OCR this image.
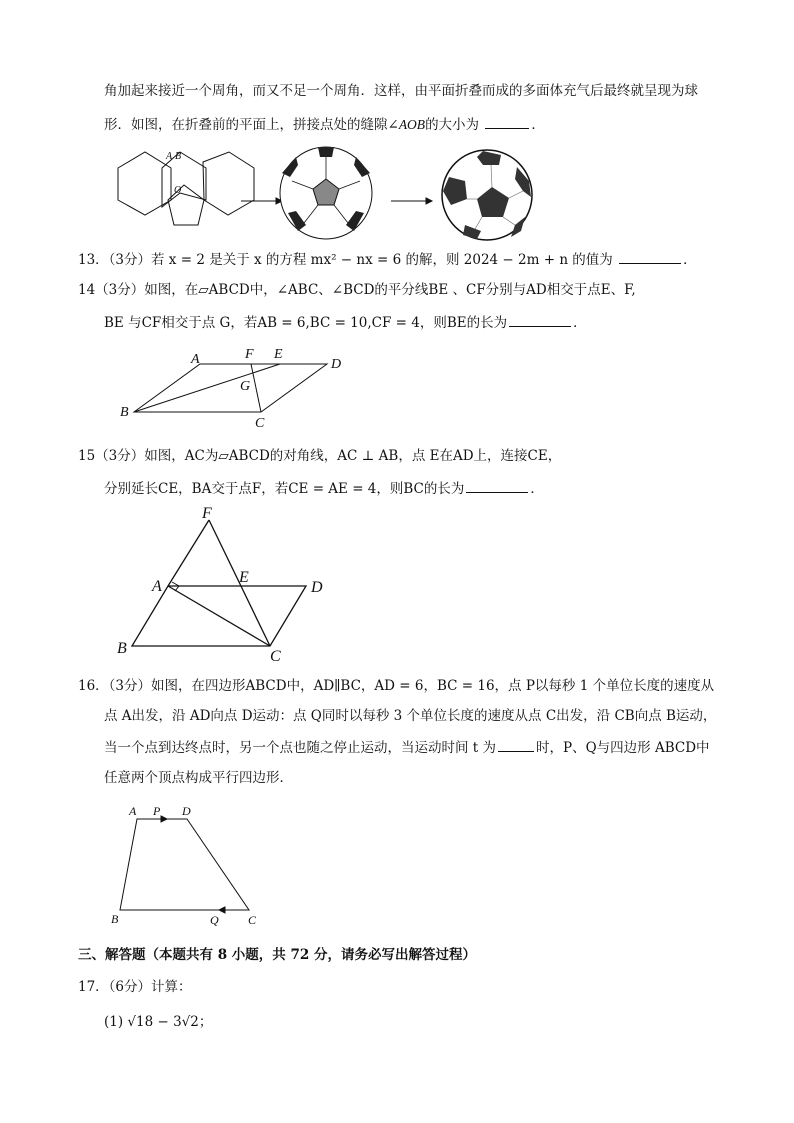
角加起来接近一个周角，而又不足一个周角．这样，由平面折叠而成的多面体充气后最终就呈现为球
形．如图，在折叠前的平面上，拼接点处的缝隙∠AOB的大小为	．
A B
O
13．（3分）若 x = 2 是关于 x 的方程 mx² − nx = 6 的解，则 2024 − 2m + n 的值为	．
14（3分）如图，在▱ABCD中，∠ABC、∠BCD的平分线BE 、CF分别与AD相交于点E、F,
BE 与CF相交于点 G，若AB = 6,BC = 10,CF = 4，则BE的长为	．
A	F E
D
G
B
C
15（3分）如图，AC为▱ABCD的对角线，AC ⊥ AB，点 E在AD上，连接CE，
分别延长CE，BA交于点F，若CE = AE = 4，则BC的长为	．
F
A
E
D
B	C
16．（3分）如图，在四边形ABCD中，AD∥BC，AD = 6，BC = 16，点 P以每秒 1 个单位长度的速度从
点 A出发，沿 AD向点 D运动：点 Q同时以每秒 3 个单位长度的速度从点 C出发，沿 CB向点 B运动，
当一个点到达终点时，另一个点也随之停止运动，当运动时间 t 为	时，P、Q与四边形 ABCD中
任意两个顶点构成平行四边形．
A P D
B	Q C
三、解答题（本题共有 8 小题，共 72 分，请务必写出解答过程）
17．（6分）计算：
(1) √18 − 3√2；
